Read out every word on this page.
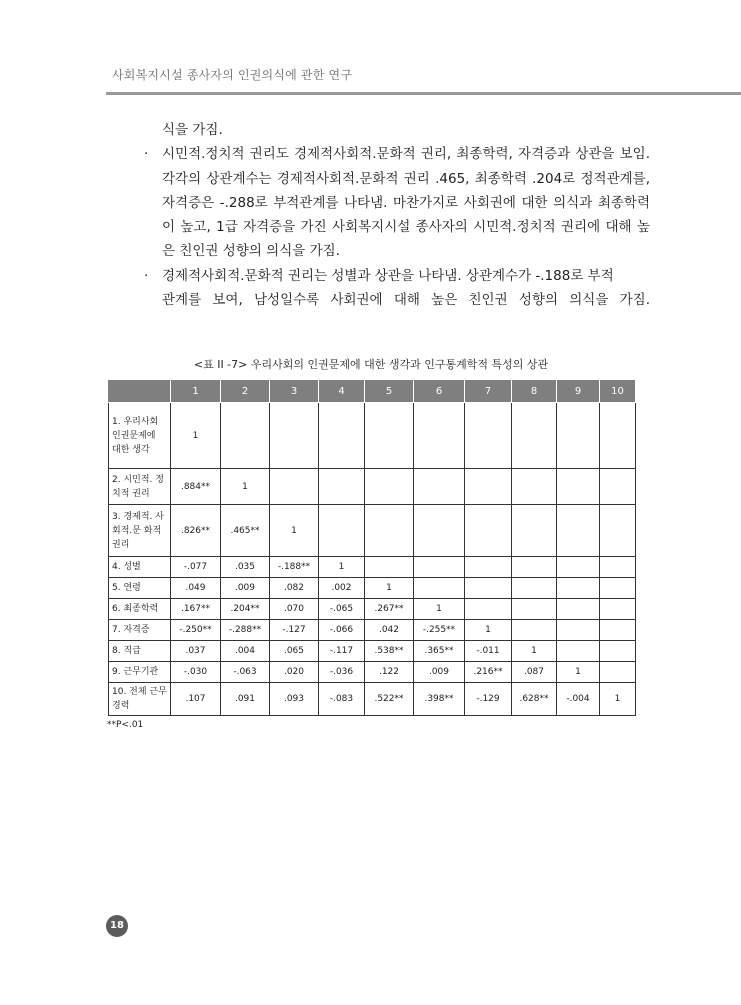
사회복지시설 종사자의 인권의식에 관한 연구
식을 가짐.
· 시민적.정치적 권리도 경제적사회적.문화적 권리, 최종학력, 자격증과 상관을 보임.
각각의 상관계수는 경제적사회적.문화적 권리 .465, 최종학력 .204로 정적관계를,
자격증은 -.288로 부적관계를 나타냄. 마찬가지로 사회권에 대한 의식과 최종학력
이 높고, 1급 자격증을 가진 사회복지시설 종사자의 시민적.정치적 권리에 대해 높
은 친인권 성향의 의식을 가짐.
· 경제적사회적.문화적 권리는 성별과 상관을 나타냄. 상관계수가 -.188로 부적
관계를 보여, 남성일수록 사회권에 대해 높은 친인권 성향의 의식을 가짐.
<표 II -7> 우리사회의 인권문제에 대한 생각과 인구통계학적 특성의 상관
	1	2	3	4	5	6	7	8	9	10
1. 우리사회 인권문제에 대한 생각	1									
2. 시민적. 정치적 권리	.884**	1								
3. 경제적. 사회적.문 화적 권리	.826**	.465**	1							
4. 성별	-.077	.035	-.188**	1						
5. 연령	.049	.009	.082	.002	1					
6. 최종학력	.167**	.204**	.070	-.065	.267**	1				
7. 자격증	-.250**	-.288**	-.127	-.066	.042	-.255**	1			
8. 직급	.037	.004	.065	-.117	.538**	.365**	-.011	1		
9. 근무기관	-.030	-.063	.020	-.036	.122	.009	.216**	.087	1	
10. 전체 근무경력	.107	.091	.093	-.083	.522**	.398**	-.129	.628**	-.004	1
**P<.01
18
